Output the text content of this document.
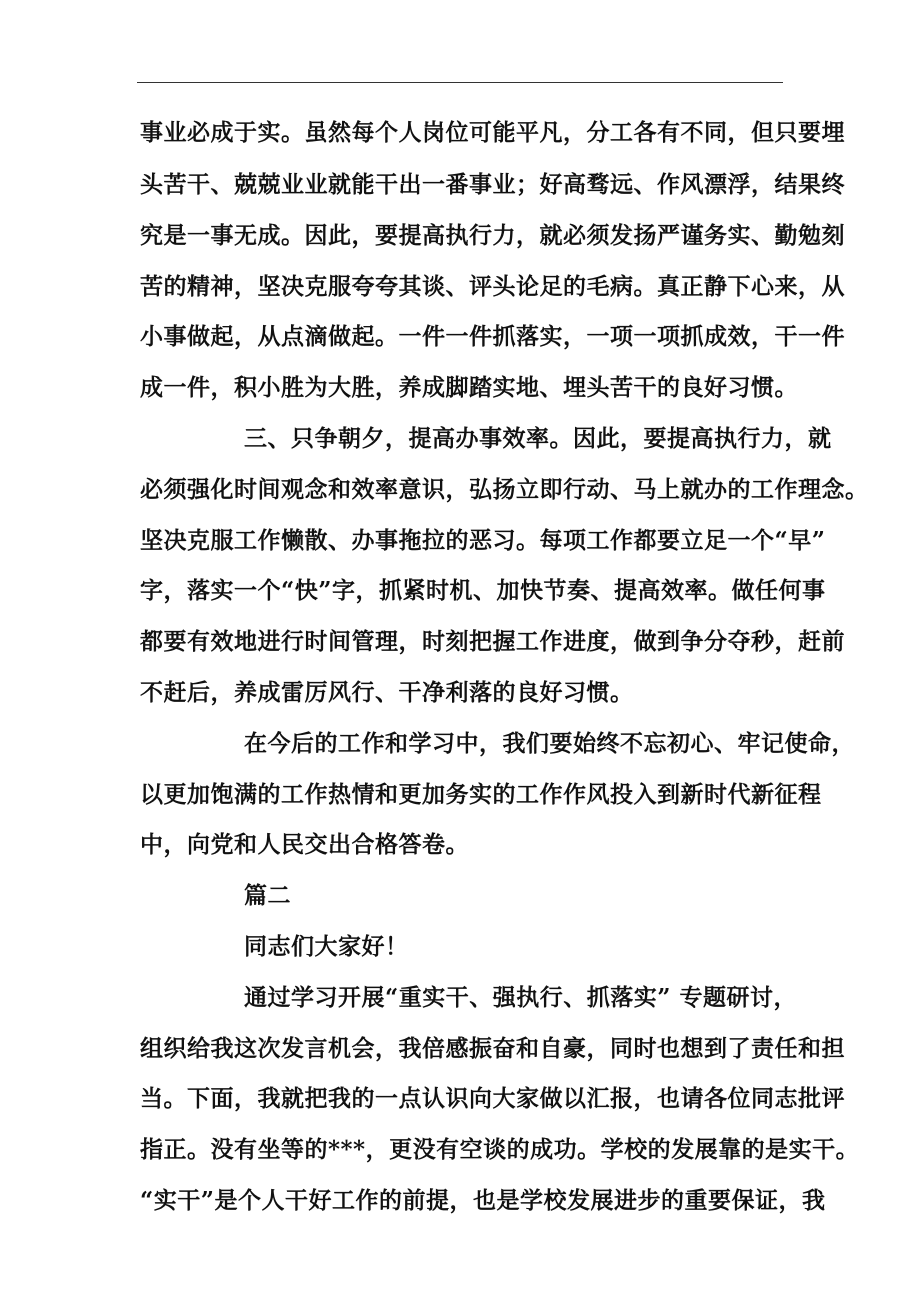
事业必成于实。虽然每个人岗位可能平凡，分工各有不同，但只要埋
头苦干、兢兢业业就能干出一番事业；好高骛远、作风漂浮，结果终
究是一事无成。因此，要提高执行力，就必须发扬严谨务实、勤勉刻
苦的精神，坚决克服夸夸其谈、评头论足的毛病。真正静下心来，从
小事做起，从点滴做起。一件一件抓落实，一项一项抓成效，干一件
成一件，积小胜为大胜，养成脚踏实地、埋头苦干的良好习惯。
三、只争朝夕，提高办事效率。因此，要提高执行力，就
必须强化时间观念和效率意识，弘扬立即行动、马上就办的工作理念。
坚决克服工作懒散、办事拖拉的恶习。每项工作都要立足一个“早”
字，落实一个“快”字，抓紧时机、加快节奏、提高效率。做任何事
都要有效地进行时间管理，时刻把握工作进度，做到争分夺秒，赶前
不赶后，养成雷厉风行、干净利落的良好习惯。
在今后的工作和学习中，我们要始终不忘初心、牢记使命，
以更加饱满的工作热情和更加务实的工作作风投入到新时代新征程
中，向党和人民交出合格答卷。
篇二
同志们大家好！
通过学习开展“重实干、强执行、抓落实” 专题研讨，
组织给我这次发言机会，我倍感振奋和自豪，同时也想到了责任和担
当。下面，我就把我的一点认识向大家做以汇报，也请各位同志批评
指正。没有坐等的***，更没有空谈的成功。学校的发展靠的是实干。
“实干”是个人干好工作的前提，也是学校发展进步的重要保证，我
